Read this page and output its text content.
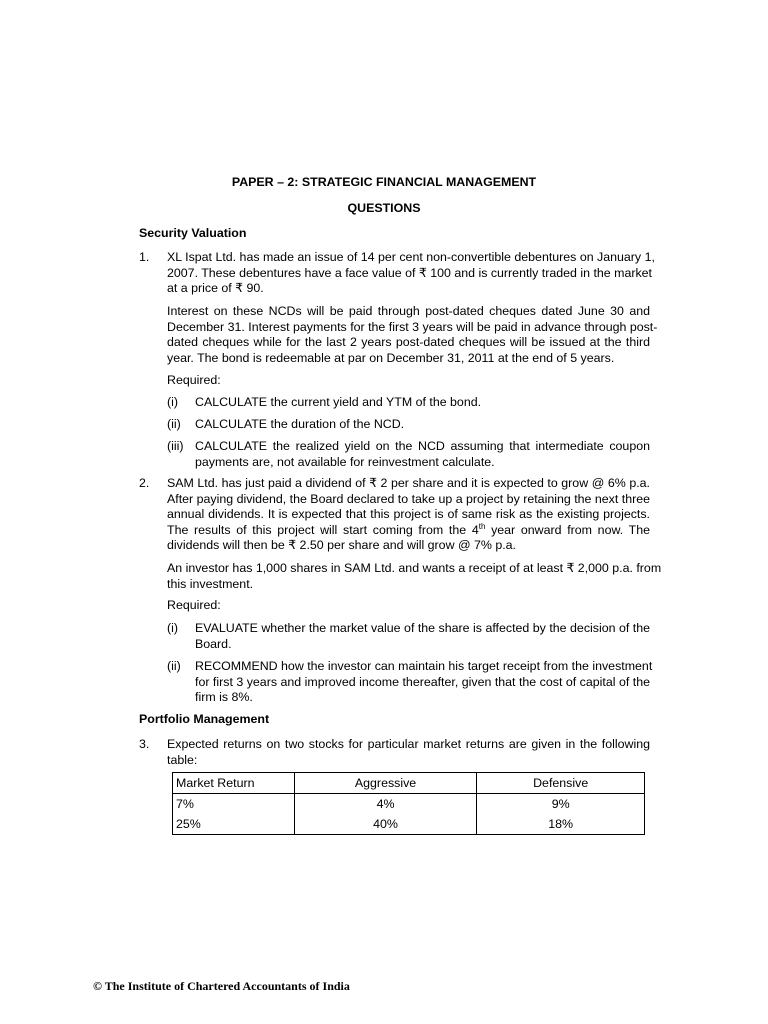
PAPER – 2: STRATEGIC FINANCIAL MANAGEMENT
QUESTIONS
Security Valuation
1. XL Ispat Ltd. has made an issue of 14 per cent non-convertible debentures on January 1,
2007. These debentures have a face value of ₹ 100 and is currently traded in the market
at a price of ₹ 90.
Interest on these NCDs will be paid through post-dated cheques dated June 30 and
December 31. Interest payments for the first 3 years will be paid in advance through post-
dated cheques while for the last 2 years post-dated cheques will be issued at the third
year. The bond is redeemable at par on December 31, 2011 at the end of 5 years.
Required:
(i) CALCULATE the current yield and YTM of the bond.
(ii) CALCULATE the duration of the NCD.
(iii) CALCULATE the realized yield on the NCD assuming that intermediate coupon
payments are, not available for reinvestment calculate.
2. SAM Ltd. has just paid a dividend of ₹ 2 per share and it is expected to grow @ 6% p.a.
After paying dividend, the Board declared to take up a project by retaining the next three
annual dividends. It is expected that this project is of same risk as the existing projects.
The results of this project will start coming from the 4th year onward from now. The
dividends will then be ₹ 2.50 per share and will grow @ 7% p.a.
An investor has 1,000 shares in SAM Ltd. and wants a receipt of at least ₹ 2,000 p.a. from
this investment.
Required:
(i) EVALUATE whether the market value of the share is affected by the decision of the
Board.
(ii) RECOMMEND how the investor can maintain his target receipt from the investment
for first 3 years and improved income thereafter, given that the cost of capital of the
firm is 8%.
Portfolio Management
3. Expected returns on two stocks for particular market returns are given in the following
table:
Market Return	Aggressive	Defensive
7%	4%	9%
25%	40%	18%
© The Institute of Chartered Accountants of India
